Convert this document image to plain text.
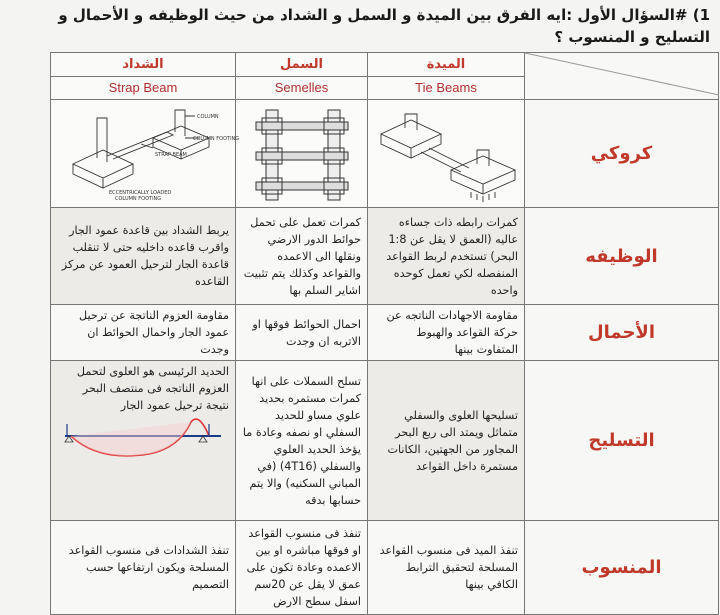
1) #السؤال الأول :ايه الفرق بين الميدة و السمل و الشداد من حيث الوظيفه و الأحمال و التسليح و المنسوب ؟
الشداد	السمل	الميدة	
Strap Beam	Semelles	Tie Beams	

COLUMN
COLUMN FOOTING
STRAP BEAM
ECCENTRICALLY LOADED
COLUMN FOOTING			كروكي
يربط الشداد بين قاعدة عمود الجار واقرب قاعده داخليه حتى لا تنقلب قاعدة الجار لترحيل العمود عن مركز القاعده	كمرات تعمل على تحمل حوائط الدور الارضي ونقلها الى الاعمده والقواعد وكذلك يتم تثبيت اشاير السلم بها	كمرات رابطه ذات جساءه عاليه (العمق لا يقل عن 1:8 البحر) تستخدم لربط القواعد المنفصله لكي تعمل كوحده واحده	الوظيفه
مقاومة العزوم الناتجة عن ترحيل عمود الجار واحمال الحوائط ان وجدت	احمال الحوائط فوقها او الاتربه ان وجدت	مقاومة الاجهادات الناتجه عن حركة القواعد والهبوط المتفاوت بينها	الأحمال

الحديد الرئيسى هو العلوى لتحمل العزوم الناتجه فى منتصف البحر نتيجة ترحيل عمود الجار	تسلح السملات على انها كمرات مستمره بحديد علوي مساو للحديد السفلي او نصفه وعادة ما يؤخذ الحديد العلوي والسفلي (4T16) (في المباني السكنيه) والا يتم حسابها بدقه	تسليحها العلوى والسفلي متماثل ويمتد الى ربع البحر المجاور من الجهتين، الكانات مستمرة داخل القواعد	التسليح
تنفذ الشدادات فى منسوب القواعد المسلحة ويكون ارتفاعها حسب التصميم	تنفذ فى منسوب القواعد او فوقها مباشره او بين الاعمده وعادة تكون على عمق لا يقل عن 20سم اسفل سطح الارض	تنفذ الميد فى منسوب القواعد المسلحة لتحقيق الترابط الكافي بينها	المنسوب
